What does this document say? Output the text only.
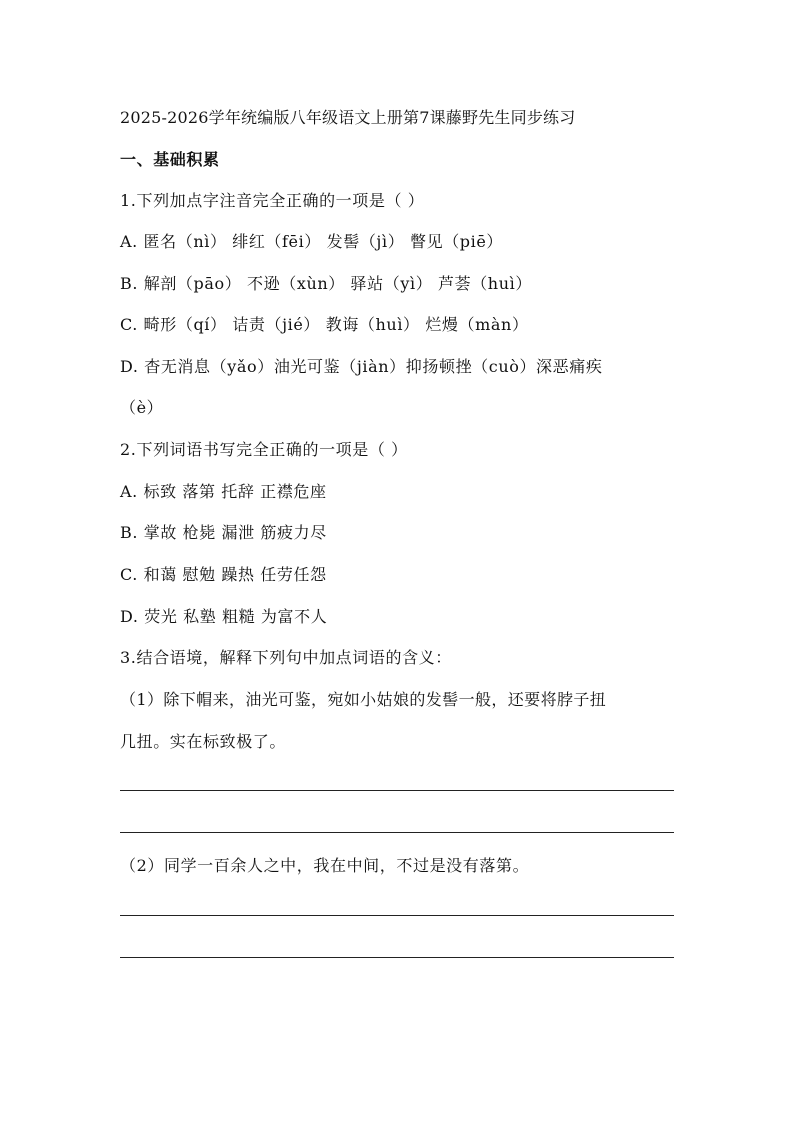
2025-2026学年统编版八年级语文上册第7课藤野先生同步练习
一、基础积累
1.下列加点字注音完全正确的一项是（ ）
A. 匿名（nì） 绯红（fēi） 发髻（jì） 瞥见（piē）
B. 解剖（pāo） 不逊（xùn） 驿站（yì） 芦荟（huì）
C. 畸形（qí） 诘责（jié） 教诲（huì） 烂熳（màn）
D. 杳无消息（yǎo）油光可鉴（jiàn）抑扬顿挫（cuò）深恶痛疾
（è）
2.下列词语书写完全正确的一项是（ ）
A. 标致 落第 托辞 正襟危座
B. 掌故 枪毙 漏泄 筋疲力尽
C. 和蔼 慰勉 躁热 任劳任怨
D. 荧光 私塾 粗糙 为富不人
3.结合语境，解释下列句中加点词语的含义：
（1）除下帽来，油光可鉴，宛如小姑娘的发髻一般，还要将脖子扭
几扭。实在标致极了。
（2）同学一百余人之中，我在中间，不过是没有落第。
